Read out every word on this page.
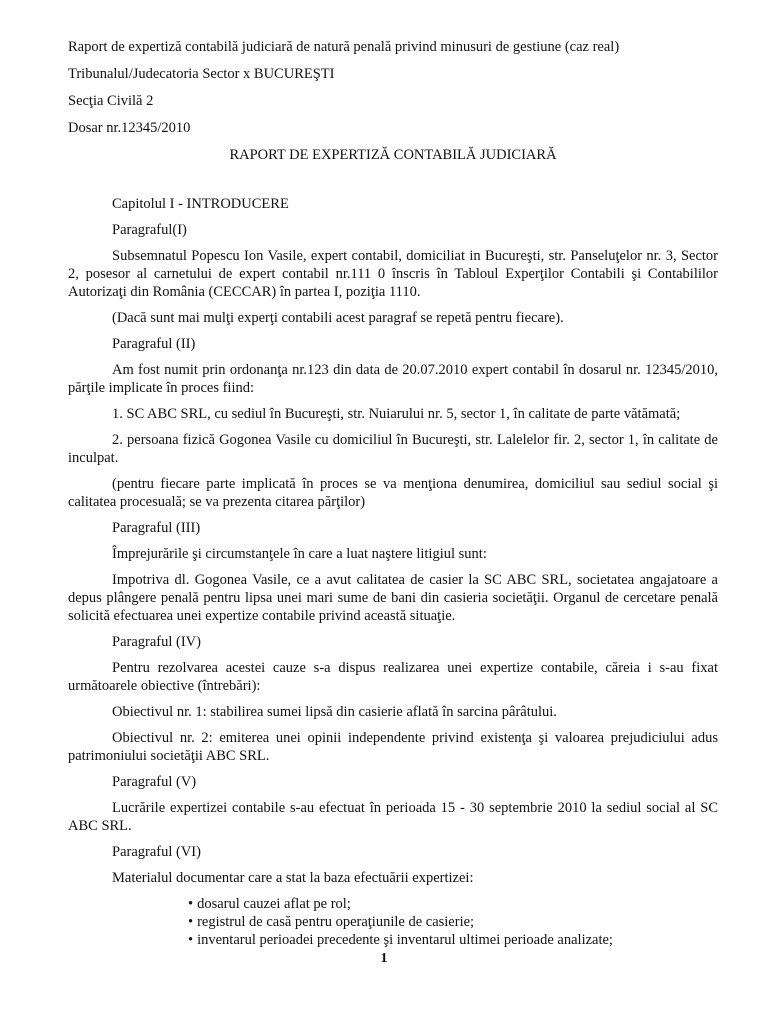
Raport de expertiză contabilă judiciară de natură penală privind minusuri de gestiune (caz real)

Tribunalul/Judecatoria Sector x BUCUREŞTI

Secţia Civilă 2

Dosar nr.12345/2010

RAPORT DE EXPERTIZĂ CONTABILĂ JUDICIARĂ

Capitolul I - INTRODUCERE

Paragraful(I)

Subsemnatul Popescu Ion Vasile, expert contabil, domiciliat in Bucureşti, str. Panseluţelor nr. 3, Sector 2, posesor al carnetului de expert contabil nr.111 0 înscris în Tabloul Experţilor Contabili şi Contabililor Autorizaţi din România (CECCAR) în partea I, poziţia 1110.

(Dacă sunt mai mulţi experţi contabili acest paragraf se repetă pentru fiecare).

Paragraful (II)

Am fost numit prin ordonanţa nr.123 din data de 20.07.2010 expert contabil în dosarul nr. 12345/2010, părţile implicate în proces fiind:

1. SC ABC SRL, cu sediul în Bucureşti, str. Nuiarului nr. 5, sector 1, în calitate de parte vătămată;

2. persoana fizică Gogonea Vasile cu domiciliul în Bucureşti, str. Lalelelor fir. 2, sector 1, în calitate de inculpat.

(pentru fiecare parte implicată în proces se va menţiona denumirea, domiciliul sau sediul social şi calitatea procesuală; se va prezenta citarea părţilor)

Paragraful (III)

Împrejurările şi circumstanţele în care a luat naştere litigiul sunt:

Impotriva dl. Gogonea Vasile, ce a avut calitatea de casier la SC ABC SRL, societatea angajatoare a depus plângere penală pentru lipsa unei mari sume de bani din casieria societăţii. Organul de cercetare penală solicită efectuarea unei expertize contabile privind această situaţie.

Paragraful (IV)

Pentru rezolvarea acestei cauze s-a dispus realizarea unei expertize contabile, căreia i s-au fixat următoarele obiective (întrebări):

Obiectivul nr. 1: stabilirea sumei lipsă din casierie aflată în sarcina pârâtului.

Obiectivul nr. 2: emiterea unei opinii independente privind existenţa şi valoarea prejudiciului adus patrimoniului societăţii ABC SRL.

Paragraful (V)

Lucrările expertizei contabile s-au efectuat în perioada 15 - 30 septembrie 2010 la sediul social al SC ABC SRL.

Paragraful (VI)

Materialul documentar care a stat la baza efectuării expertizei:

• dosarul cauzei aflat pe rol;
• registrul de casă pentru operaţiunile de casierie;
• inventarul perioadei precedente şi inventarul ultimei perioade analizate;
1
